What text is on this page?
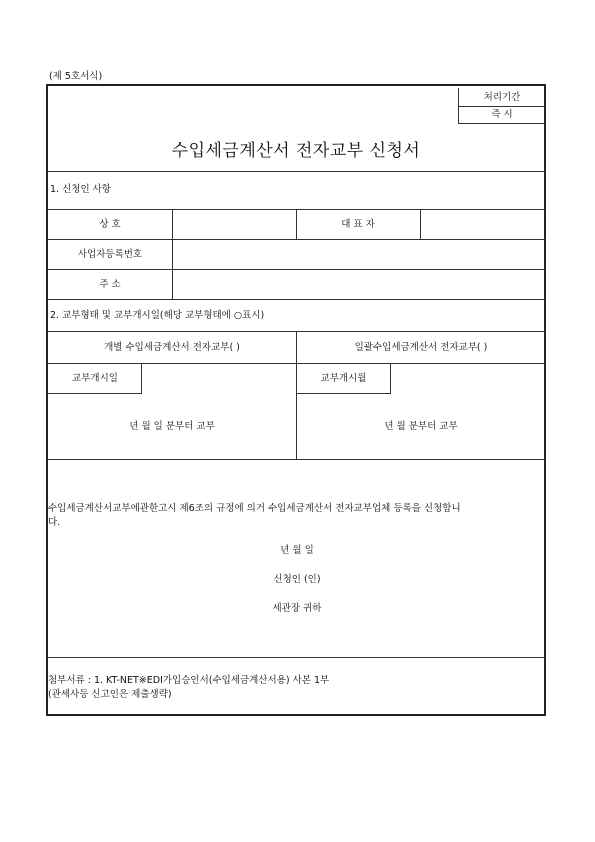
(제 5호서식)
처리기간
즉 시
수입세금계산서 전자교부 신청서
1. 신청인 사항
상 호	대 표 자
사업자등록번호
주 소
2. 교부형태 및 교부개시일(해당 교부형태에 ○표시)
개별 수입세금계산서 전자교부( )	일괄수입세금계산서 전자교부( )
교부개시일	교부개시월
년 월 일 분부터 교부	년 월 분부터 교부
수입세금계산서교부에관한고시 제6조의 규정에 의거 수입세금계산서 전자교부업체 등록을 신청합니
다.
년 월 일
신청인 (인)
세관장 귀하
첨부서류 : 1. KT-NET※EDI가입승인서(수입세금계산서용) 사본 1부
(관세사등 신고인은 제출생략)
